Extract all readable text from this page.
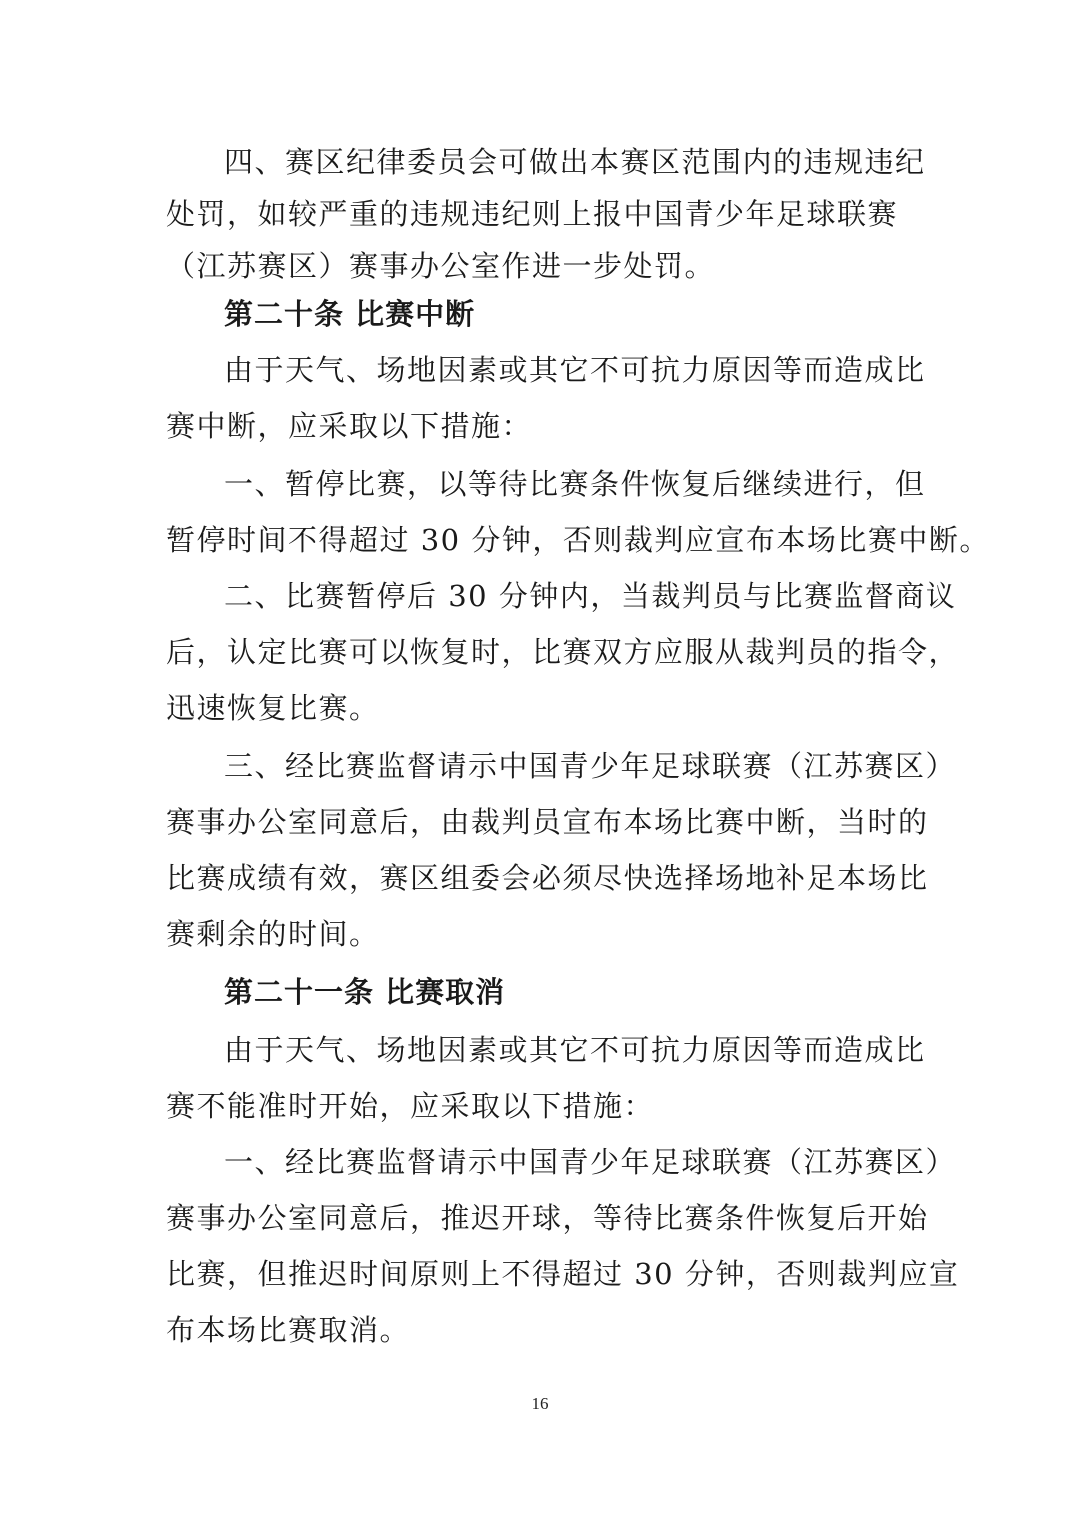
四、赛区纪律委员会可做出本赛区范围内的违规违纪

处罚，如较严重的违规违纪则上报中国青少年足球联赛

（江苏赛区）赛事办公室作进一步处罚。

第二十条 比赛中断

由于天气、场地因素或其它不可抗力原因等而造成比

赛中断，应采取以下措施：

一、暂停比赛，以等待比赛条件恢复后继续进行，但

暂停时间不得超过 30 分钟，否则裁判应宣布本场比赛中断。

二、比赛暂停后 30 分钟内，当裁判员与比赛监督商议

后，认定比赛可以恢复时，比赛双方应服从裁判员的指令，

迅速恢复比赛。

三、经比赛监督请示中国青少年足球联赛（江苏赛区）

赛事办公室同意后，由裁判员宣布本场比赛中断，当时的

比赛成绩有效，赛区组委会必须尽快选择场地补足本场比

赛剩余的时间。

第二十一条 比赛取消

由于天气、场地因素或其它不可抗力原因等而造成比

赛不能准时开始，应采取以下措施：

一、经比赛监督请示中国青少年足球联赛（江苏赛区）

赛事办公室同意后，推迟开球，等待比赛条件恢复后开始

比赛，但推迟时间原则上不得超过 30 分钟，否则裁判应宣

布本场比赛取消。

16
